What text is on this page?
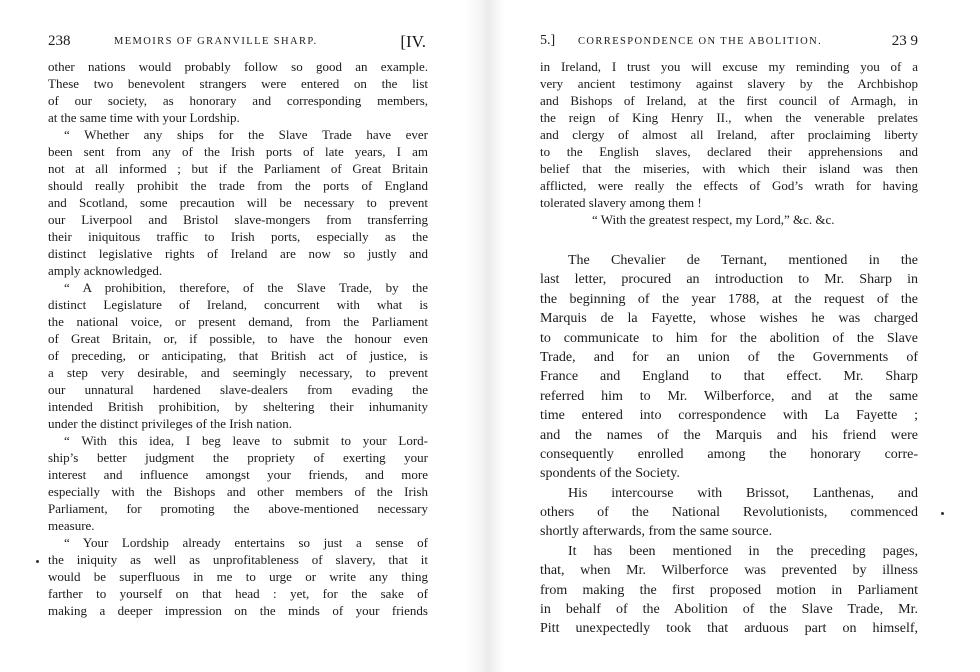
238	MEMOIRS OF GRANVILLE SHARP.	[IV.
other nations would probably follow so good an example.
These two benevolent strangers were entered on the list
of our society, as honorary and corresponding members,
at the same time with your Lordship.
“ Whether any ships for the Slave Trade have ever
been sent from any of the Irish ports of late years, I am
not at all informed ; but if the Parliament of Great Britain
should really prohibit the trade from the ports of England
and Scotland, some precaution will be necessary to prevent
our Liverpool and Bristol slave-mongers from transferring
their iniquitous traffic to Irish ports, especially as the
distinct legislative rights of Ireland are now so justly and
amply acknowledged.
“ A prohibition, therefore, of the Slave Trade, by the
distinct Legislature of Ireland, concurrent with what is
the national voice, or present demand, from the Parliament
of Great Britain, or, if possible, to have the honour even
of preceding, or anticipating, that British act of justice, is
a step very desirable, and seemingly necessary, to prevent
our unnatural hardened slave-dealers from evading the
intended British prohibition, by sheltering their inhumanity
under the distinct privileges of the Irish nation.
“ With this idea, I beg leave to submit to your Lord-
ship’s better judgment the propriety of exerting your
interest and influence amongst your friends, and more
especially with the Bishops and other members of the Irish
Parliament, for promoting the above-mentioned necessary
measure.
“ Your Lordship already entertains so just a sense of
the iniquity as well as unprofitableness of slavery, that it
would be superfluous in me to urge or write any thing
farther to yourself on that head : yet, for the sake of
making a deeper impression on the minds of your friends
5.] CORRESPONDENCE ON THE ABOLITION.	23 9
in Ireland, I trust you will excuse my reminding you of a
very ancient testimony against slavery by the Archbishop
and Bishops of Ireland, at the first council of Armagh, in
the reign of King Henry II., when the venerable prelates
and clergy of almost all Ireland, after proclaiming liberty
to the English slaves, declared their apprehensions and
belief that the miseries, with which their island was then
afflicted, were really the effects of God’s wrath for having
tolerated slavery among them !
“ With the greatest respect, my Lord,” &c. &c.
The Chevalier de Ternant, mentioned in the
last letter, procured an introduction to Mr. Sharp in
the beginning of the year 1788, at the request of the
Marquis de la Fayette, whose wishes he was charged
to communicate to him for the abolition of the Slave
Trade, and for an union of the Governments of
France and England to that effect. Mr. Sharp
referred him to Mr. Wilberforce, and at the same
time entered into correspondence with La Fayette ;
and the names of the Marquis and his friend were
consequently enrolled among the honorary corre-
spondents of the Society.
His intercourse with Brissot, Lanthenas, and
others of the National Revolutionists, commenced
shortly afterwards, from the same source.
It has been mentioned in the preceding pages,
that, when Mr. Wilberforce was prevented by illness
from making the first proposed motion in Parliament
in behalf of the Abolition of the Slave Trade, Mr.
Pitt unexpectedly took that arduous part on himself,
